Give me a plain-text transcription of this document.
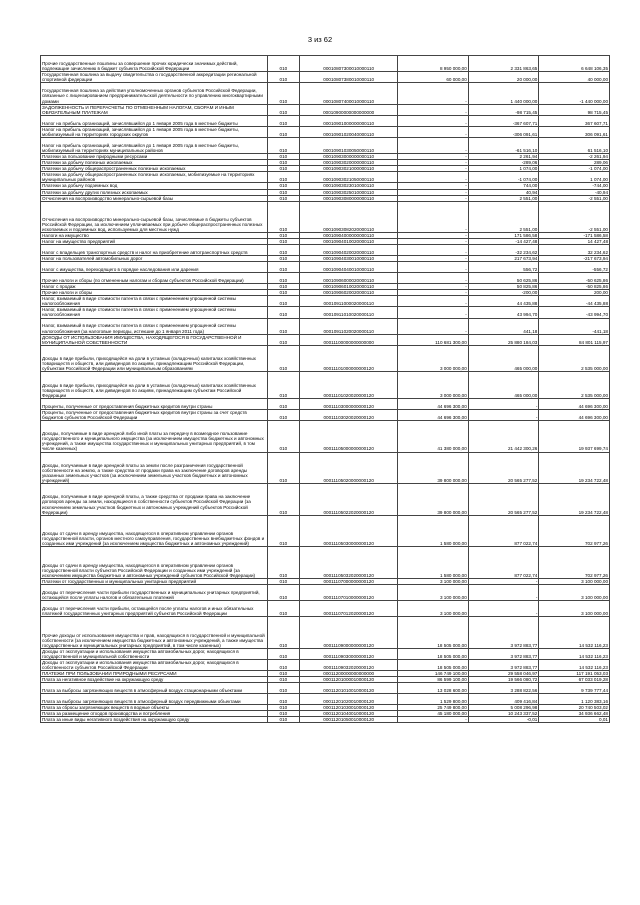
3 из 62
Прочие государственные пошлины за совершение прочих юридически значимых действий, подлежащие зачислению в бюджет субъекта Российской Федерации	010	00010807300010000110	8 950 000,00	2 331 863,65	6 648 106,35
Государственная пошлина за выдачу свидетельства о государственной аккредитации региональной спортивной федерации	010	00010807380010000110	60 000,00	20 000,00	40 000,00
Государственная пошлина за действия уполномоченных органов субъектов Российской Федерации, связанные с лицензированием предпринимательской деятельности по управлению многоквартирными домами	010	00010807400010000110	-	1 440 000,00	-1 440 000,00
ЗАДОЛЖЕННОСТЬ И ПЕРЕРАСЧЕТЫ ПО ОТМЕНЕННЫМ НАЛОГАМ, СБОРАМ И ИНЫМ ОБЯЗАТЕЛЬНЫМ ПЛАТЕЖАМ	010	00010900000000000000	-	-98 715,45	98 715,45
Налог на прибыль организаций, зачислявшийся до 1 января 2005 года в местные бюджеты	010	00010901000000000110	-	-367 607,71	367 607,71
Налог на прибыль организаций, зачислявшийся до 1 января 2005 года в местные бюджеты, мобилизуемый на территориях городских округов	010	00010901020040000110	-	-306 091,61	306 091,61
Налог на прибыль организаций, зачислявшийся до 1 января 2005 года в местные бюджеты, мобилизуемый на территориях муниципальных районов	010	00010901030050000110	-	-61 516,10	61 516,10
Платежи за пользование природными ресурсами	010	00010903000000000110	-	2 261,94	-2 261,94
Платежи за добычу полезных ископаемых	010	00010903020000000110	-	-289,06	289,06
Платежи за добычу общераспространенных полезных ископаемых	010	00010903021000000110	-	1 074,00	-1 074,00
Платежи за добычу общераспространенных полезных ископаемых, мобилизуемые на территориях муниципальных районов	010	00010903021050000110	-	-1 074,00	1 074,00
Платежи за добычу подземных вод	010	00010903023010000110	-	744,00	-744,00
Платежи за добычу других полезных ископаемых	010	00010903025010000110	-	40,94	-40,94
Отчисления на воспроизводство минерально-сырьевой базы	010	00010903080000000110	-	2 551,00	-2 551,00
Отчисления на воспроизводство минерально-сырьевой базы, зачисляемые в бюджеты субъектов Российской Федерации, за исключением уплачиваемых при добыче общераспространенных полезных ископаемых и подземных вод, используемых для местных нужд	010	00010903082020000110	-	2 551,00	-2 551,00
Налоги на имущество	010	00010904000000000110	-	171 586,58	-171 586,58
Налог на имущество предприятий	010	00010904010020000110	-	-14 427,48	14 427,48
Налог с владельцев транспортных средств и налог на приобретение автотранспортных средств	010	00010904020020000110	-	-32 234,62	32 234,62
Налог на пользователей автомобильных дорог	010	00010904030010000110	-	217 673,94	-217 673,94
Налог с имущества, переходящего в порядке наследования или дарения	010	00010904040010000110	-	556,72	-556,72
Прочие налоги и сборы (по отмененным налогам и сборам субъектов Российской Федерации)	010	00010906000020000110	-	50 625,86	-50 625,86
Налог с продаж	010	00010906010020000110	-	50 825,86	-50 825,86
Прочие налоги и сборы	010	00010906020020000110	-	-200,00	200,00
Налог, взимаемый в виде стоимости патента в связи с применением упрощенной системы налогообложения	010	00010911000020000110	-	44 435,88	-44 435,88
Налог, взимаемый в виде стоимости патента в связи с применением упрощенной системы налогообложения	010	00010911010020000110	-	43 994,70	-43 994,70
Налог, взимаемый в виде стоимости патента в связи с применением упрощенной системы налогообложения (за налоговые периоды, истекшие до 1 января 2011 года)	010	00010911020020000110	-	441,18	-441,18
ДОХОДЫ ОТ ИСПОЛЬЗОВАНИЯ ИМУЩЕСТВА, НАХОДЯЩЕГОСЯ В ГОСУДАРСТВЕННОЙ И МУНИЦИПАЛЬНОЙ СОБСТВЕННОСТИ	010	00011100000000000000	110 681 300,00	25 880 184,03	84 801 115,97
Доходы в виде прибыли, приходящейся на доли в уставных (складочных) капиталах хозяйственных товариществ и обществ, или дивидендов по акциям, принадлежащим Российской Федерации, субъектам Российской Федерации или муниципальным образованиям	010	00011101000000000120	3 000 000,00	465 000,00	2 535 000,00
Доходы в виде прибыли, приходящейся на доли в уставных (складочных) капиталах хозяйственных товариществ и обществ, или дивидендов по акциям, принадлежащим субъектам Российской Федерации	010	00011101020020000120	3 000 000,00	465 000,00	2 535 000,00
Проценты, полученные от предоставления бюджетных кредитов внутри страны	010	00011103000000000120	44 696 300,00	-	44 696 300,00
Проценты, полученные от предоставления бюджетных кредитов внутри страны за счет средств бюджетов субъектов Российской Федерации	010	00011103020020000120	44 696 300,00	-	44 696 300,00
Доходы, получаемые в виде арендной либо иной платы за передачу в возмездное пользование государственного и муниципального имущества (за исключением имущества бюджетных и автономных учреждений, а также имущества государственных и муниципальных унитарных предприятий, в том числе казенных)	010	00011105000000000120	41 380 000,00	21 442 300,26	19 937 699,74
Доходы, получаемые в виде арендной платы за земли после разграничения государственной собственности на землю, а также средства от продажи права на заключение договоров аренды указанных земельных участков (за исключением земельных участков бюджетных и автономных учреждений)	010	00011105020000000120	39 800 000,00	20 565 277,52	19 234 722,48
Доходы, получаемые в виде арендной платы, а также средства от продажи права на заключение договоров аренды за земли, находящиеся в собственности субъектов Российской Федерации (за исключением земельных участков бюджетных и автономных учреждений субъектов Российской Федерации)	010	00011105022020000120	39 800 000,00	20 565 277,52	19 234 722,48
Доходы от сдачи в аренду имущества, находящегося в оперативном управлении органов государственной власти, органов местного самоуправления, государственных внебюджетных фондов и созданных ими учреждений (за исключением имущества бюджетных и автономных учреждений)	010	00011105030000000120	1 580 000,00	877 022,74	702 977,26
Доходы от сдачи в аренду имущества, находящегося в оперативном управлении органов государственной власти субъектов Российской Федерации и созданных ими учреждений (за исключением имущества бюджетных и автономных учреждений субъектов Российской Федерации)	010	00011105032020000120	1 580 000,00	877 022,74	702 977,26
Платежи от государственных и муниципальных унитарных предприятий	010	00011107000000000120	3 100 000,00	-	3 100 000,00
Доходы от перечисления части прибыли государственных и муниципальных унитарных предприятий, остающейся после уплаты налогов и обязательных платежей	010	00011107010000000120	3 100 000,00	-	3 100 000,00
Доходы от перечисления части прибыли, остающейся после уплаты налогов и иных обязательных платежей государственных унитарных предприятий субъектов Российской Федерации	010	00011107012020000120	3 100 000,00	-	3 100 000,00
Прочие доходы от использования имущества и прав, находящихся в государственной и муниципальной собственности (за исключением имущества бюджетных и автономных учреждений, а также имущества государственных и муниципальных унитарных предприятий, в том числе казенных)	010	00011109000000000120	18 505 000,00	3 972 883,77	14 532 116,23
Доходы от эксплуатации и использования имущества автомобильных дорог, находящихся в государственной и муниципальной собственности	010	00011109030000000120	18 505 000,00	3 972 883,77	14 532 116,23
Доходы от эксплуатации и использования имущества автомобильных дорог, находящихся в собственности субъектов Российской Федерации	010	00011109032020000120	18 505 000,00	3 972 883,77	14 532 116,23
ПЛАТЕЖИ ПРИ ПОЛЬЗОВАНИИ ПРИРОДНЫМИ РЕСУРСАМИ	010	00011200000000000000	146 749 100,00	29 558 046,97	117 191 053,03
Плата за негативное воздействие на окружающую среду	010	00011201000010000120	86 599 100,00	19 566 080,72	67 033 019,28
Плата за выбросы загрязняющих веществ в атмосферный воздух стационарными объектами	010	00011201010010000120	13 028 600,00	3 288 822,56	9 739 777,44
Плата за выбросы загрязняющих веществ в атмосферный воздух передвижными объектами	010	00011201020010000120	1 529 800,00	409 416,84	1 120 383,16
Плата за сбросы загрязняющих веществ в водные объекты	010	00011201030010000120	25 749 800,00	5 008 296,98	20 740 503,02
Плата за размещение отходов производства и потребления	010	00011201040010000120	45 180 000,00	10 243 337,52	34 936 662,48
Плата за иные виды негативного воздействия на окружающую среду	010	00011201050010000120	-	-0,01	0,01
